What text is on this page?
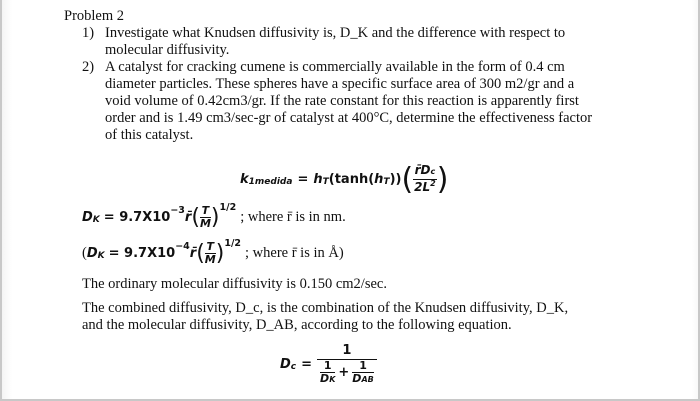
Problem 2
1) Investigate what Knudsen diffusivity is, D_K and the difference with respect to
molecular diffusivity.
2) A catalyst for cracking cumene is commercially available in the form of 0.4 cm
diameter particles. These spheres have a specific surface area of 300 m2/gr and a
void volume of 0.42cm3/gr. If the rate constant for this reaction is apparently first
order and is 1.49 cm3/sec-gr of catalyst at 400°C, determine the effectiveness factor
of this catalyst.
k 1medida = h T (tanh( h T )) ( $\frac{r̄Dc}{2L^2}$ )
D K = 9.7X10 −3 r̄ ( T
M ) 1/2
; where r̄ is in nm.
( D K = 9.7X10 −4 r̄ ( T
M ) 1/2
; where r̄ is in Å)
The ordinary molecular diffusivity is 0.150 cm2/sec.
The combined diffusivity, D_c, is the combination of the Knudsen diffusivity, D_K,
and the molecular diffusivity, D_AB, according to the following equation.
D c =
1
1
DK + 1
DAB
